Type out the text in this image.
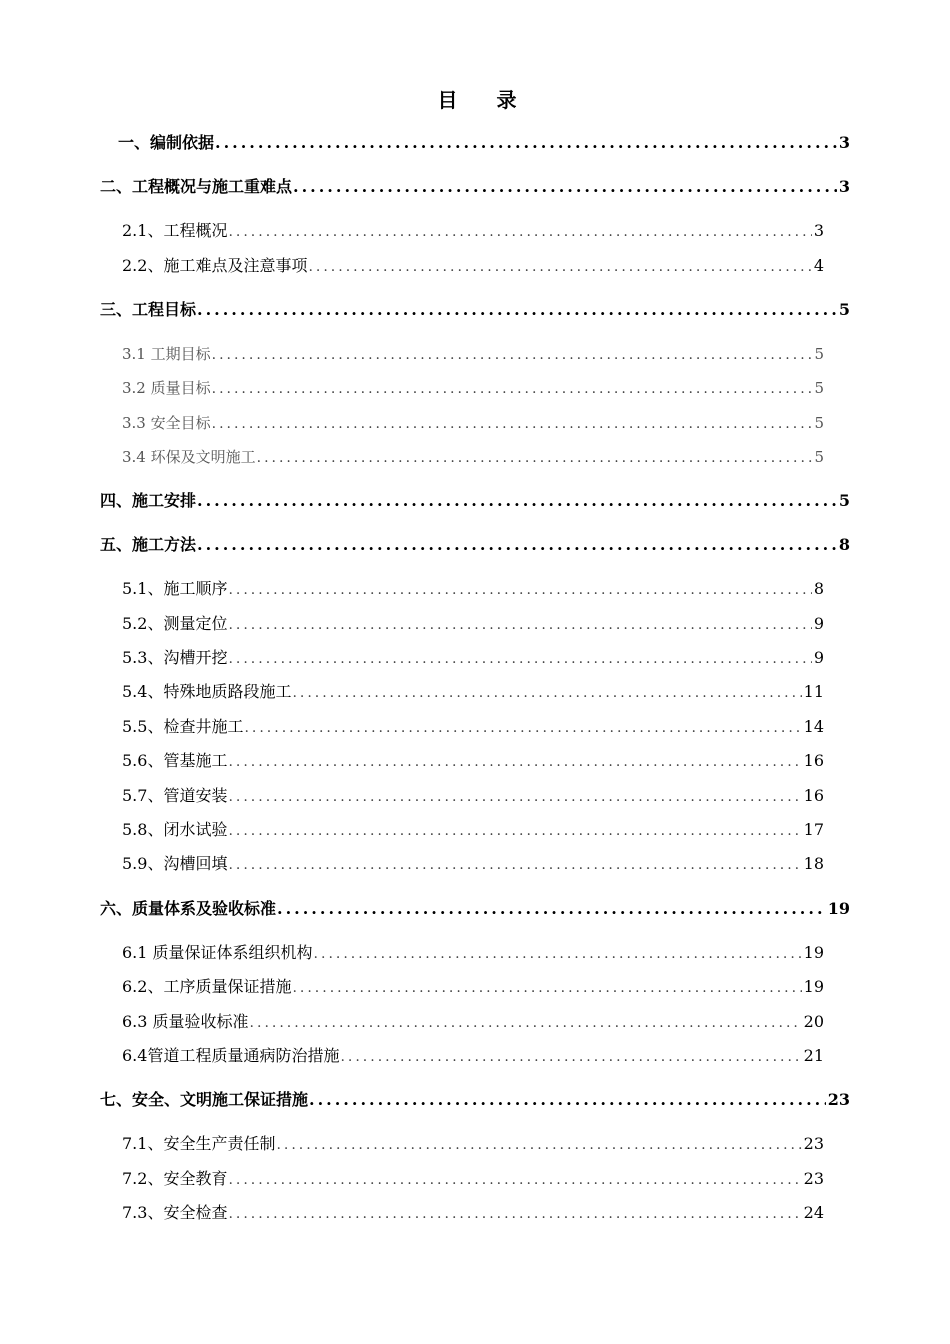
目 录
一、编制依据 .....	3
二、工程概况与施工重难点 .....	3
2.1、工程概况 .....	3
2.2、施工难点及注意事项 .....	4
三、工程目标 .....	5
3.1 工期目标 .....	5
3.2 质量目标 .....	5
3.3 安全目标 .....	5
3.4 环保及文明施工 .....	5
四、施工安排 .....	5
五、施工方法 .....	8
5.1、施工顺序 .....	8
5.2、测量定位 .....	9
5.3、沟槽开挖 .....	9
5.4、特殊地质路段施工 .....	11
5.5、检查井施工 .....	14
5.6、管基施工 .....	16
5.7、管道安装 .....	16
5.8、闭水试验 .....	17
5.9、沟槽回填 .....	18
六、质量体系及验收标准 .....	19
6.1 质量保证体系组织机构 .....	19
6.2、工序质量保证措施 .....	19
6.3 质量验收标准 .....	20
6.4管道工程质量通病防治措施 .....	21
七、安全、文明施工保证措施 .....	23
7.1、安全生产责任制 .....	23
7.2、安全教育 .....	23
7.3、安全检查 .....	24
